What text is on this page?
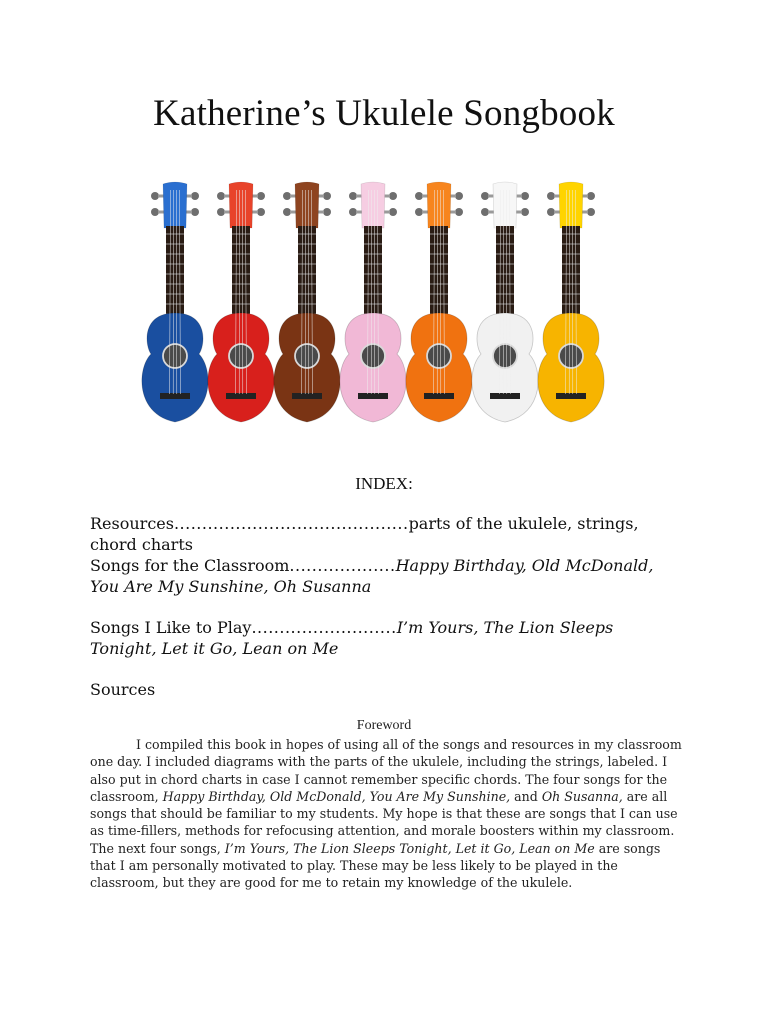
Katherine’s Ukulele Songbook
INDEX:

Resources..........................................parts of the ukulele, strings, chord charts

Songs for the Classroom...................Happy Birthday, Old McDonald, You Are My Sunshine, Oh Susanna

Songs I Like to Play..........................I’m Yours, The Lion Sleeps Tonight, Let it Go, Lean on Me

Sources

Foreword
I compiled this book in hopes of using all of the songs and resources in my classroom one day. I included diagrams with the parts of the ukulele, including the strings, labeled. I also put in chord charts in case I cannot remember specific chords. The four songs for the classroom, Happy Birthday, Old McDonald, You Are My Sunshine, and Oh Susanna, are all songs that should be familiar to my students. My hope is that these are songs that I can use as time-fillers, methods for refocusing attention, and morale boosters within my classroom. The next four songs, I’m Yours, The Lion Sleeps Tonight, Let it Go, Lean on Me are songs that I am personally motivated to play. These may be less likely to be played in the classroom, but they are good for me to retain my knowledge of the ukulele.
